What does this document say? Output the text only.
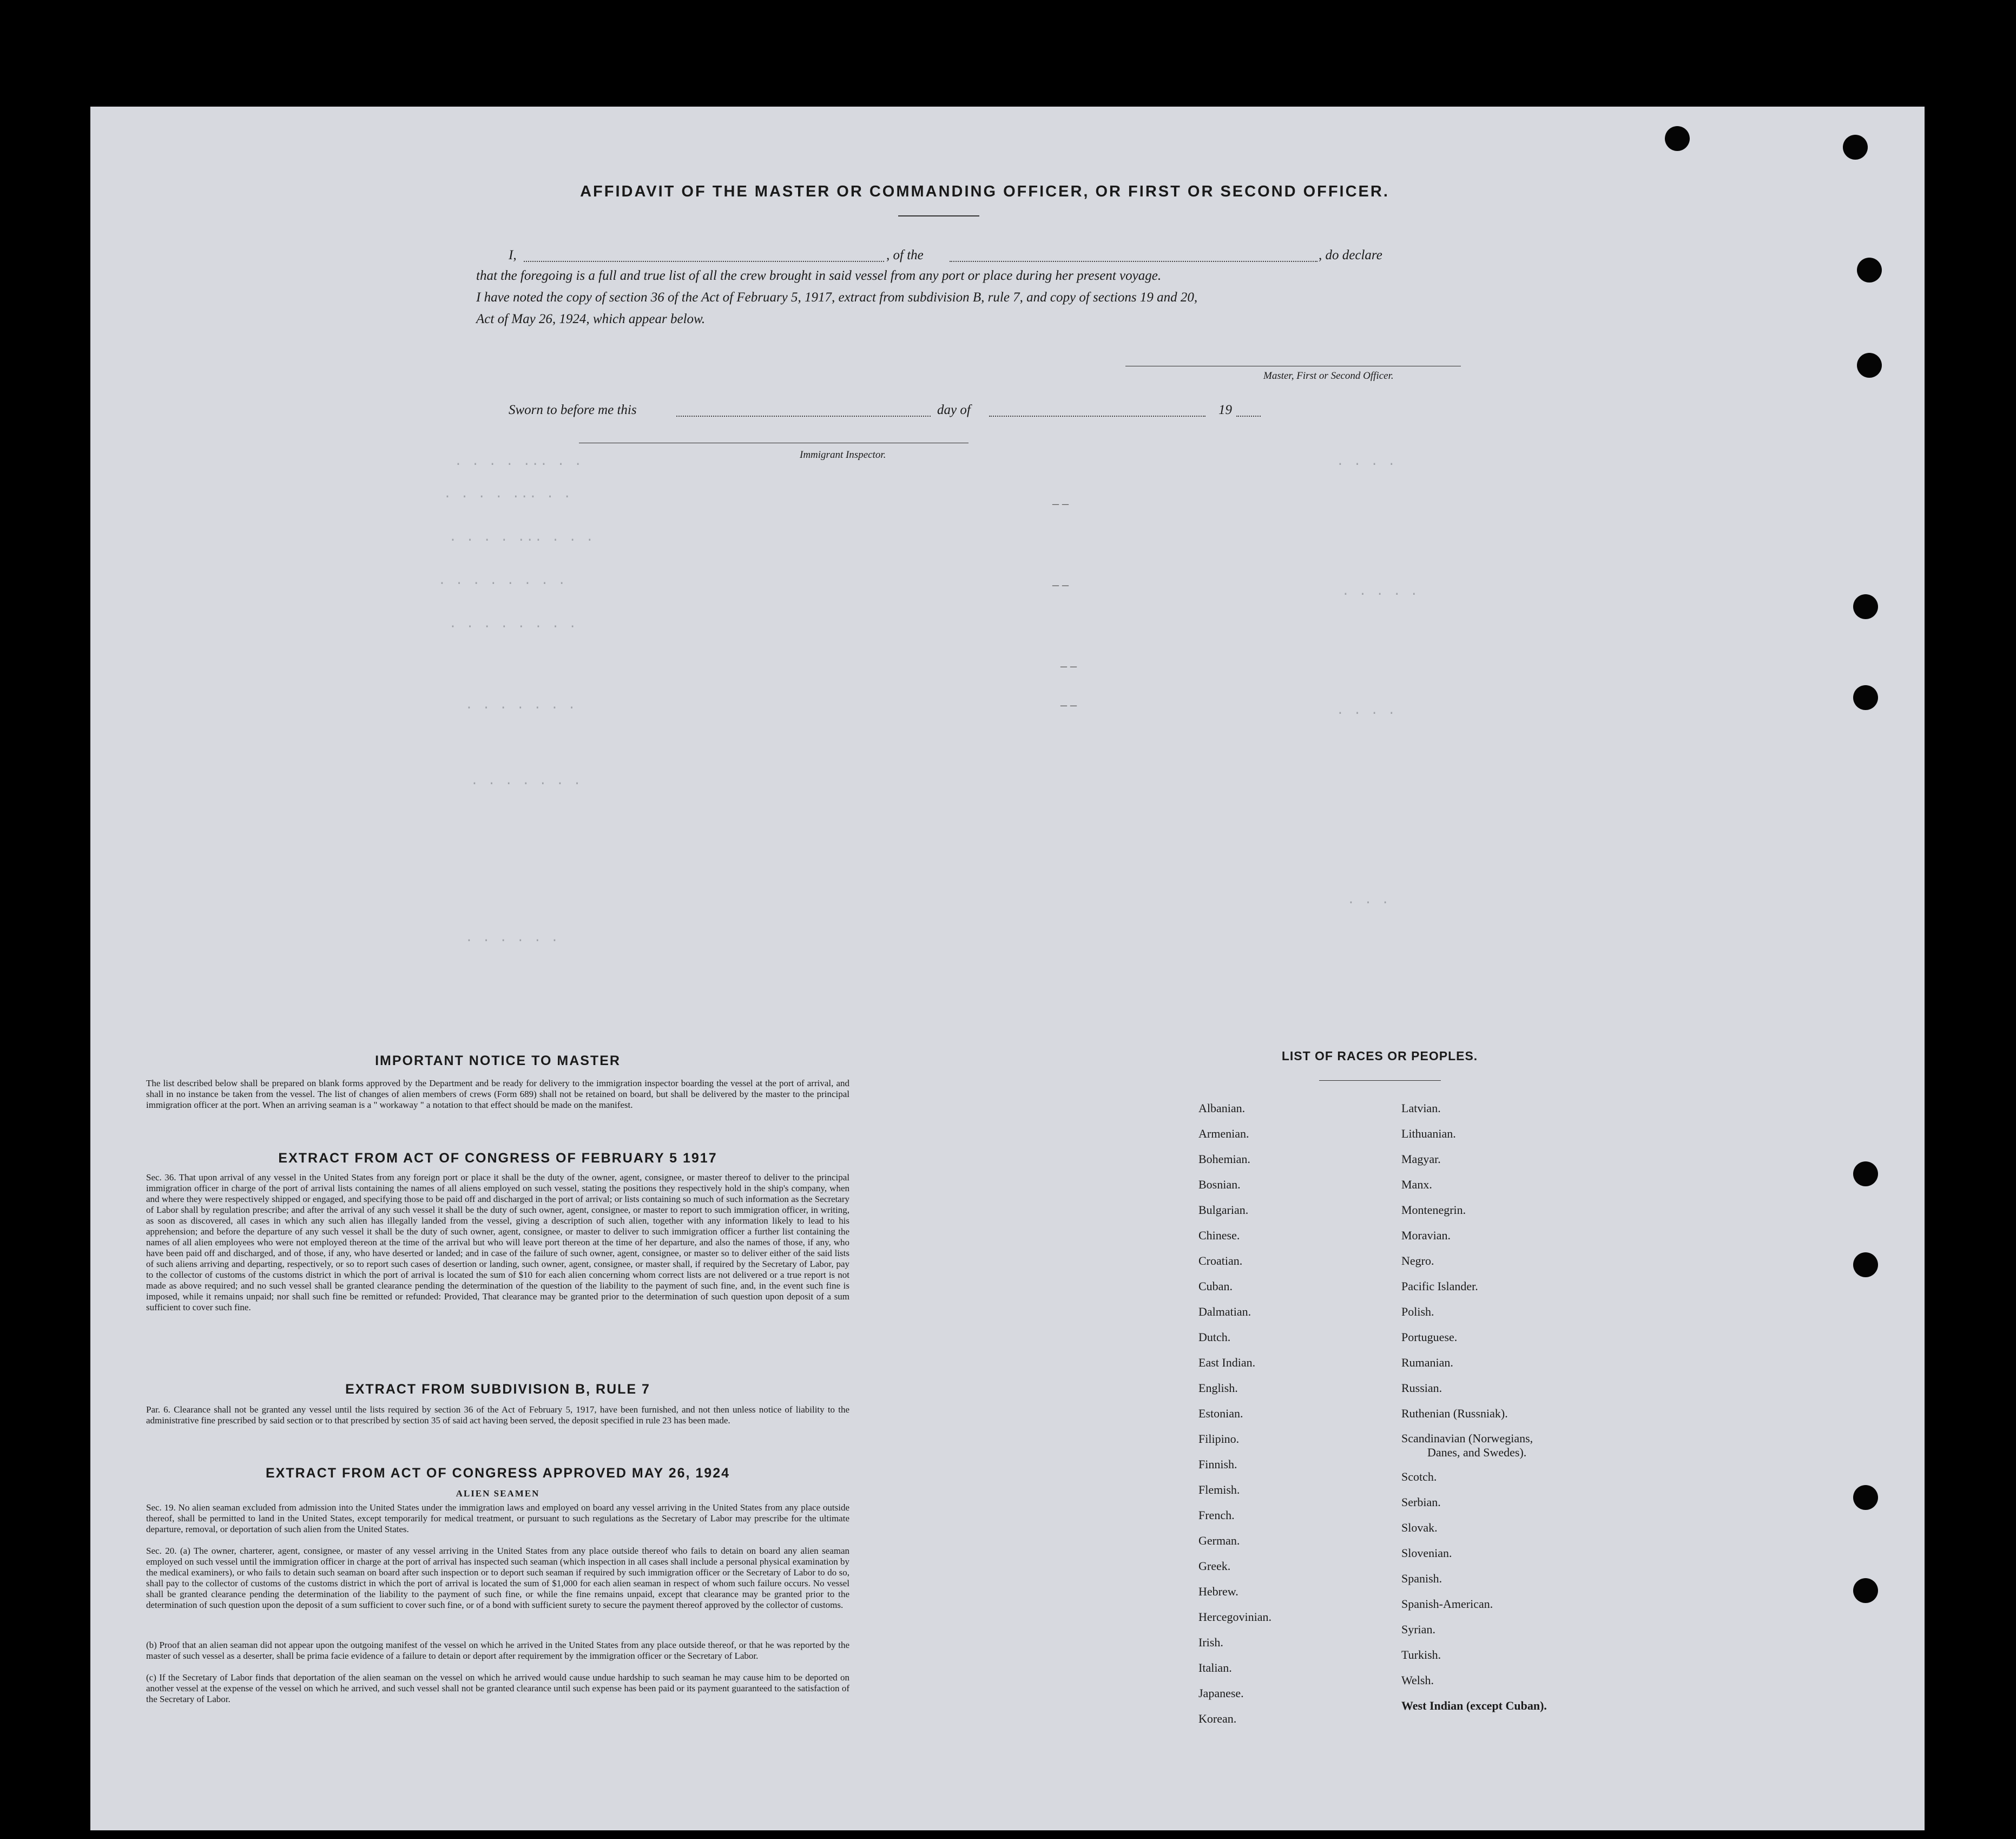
AFFIDAVIT OF THE MASTER OR COMMANDING OFFICER, OR FIRST OR SECOND OFFICER.
I,	, of the	, do declare
that the foregoing is a full and true list of all the crew brought in said vessel from any port or place during her present voyage.
I have noted the copy of section 36 of the Act of February 5, 1917, extract from subdivision B, rule 7, and copy of sections 19 and 20,
Act of May 26, 1924, which appear below.
Master, First or Second Officer.
Sworn to before me this	day of	19
Immigrant Inspector.
. . . . ... . .
. . . . ... . .
. . . . ... . . .
. . . . . . . .
. . . . . . . .
. . . . . . .
. . . . . . .
. . . . . .
. . . .
. . . . .
. . . .
. . .
– –
– –
– –
– –
IMPORTANT NOTICE TO MASTER

The list described below shall be prepared on blank forms approved by the Department and be ready for delivery to the immigration inspector boarding the vessel at the port of arrival, and shall in no instance be taken from the vessel. The list of changes of alien members of crews (Form 689) shall not be retained on board, but shall be delivered by the master to the principal immigration officer at the port. When an arriving seaman is a " workaway " a notation to that effect should be made on the manifest.

EXTRACT FROM ACT OF CONGRESS OF FEBRUARY 5 1917

Sec. 36. That upon arrival of any vessel in the United States from any foreign port or place it shall be the duty of the owner, agent, consignee, or master thereof to deliver to the principal immigration officer in charge of the port of arrival lists containing the names of all aliens employed on such vessel, stating the positions they respectively hold in the ship's company, when and where they were respectively shipped or engaged, and specifying those to be paid off and discharged in the port of arrival; or lists containing so much of such information as the Secretary of Labor shall by regulation prescribe; and after the arrival of any such vessel it shall be the duty of such owner, agent, consignee, or master to report to such immigration officer, in writing, as soon as discovered, all cases in which any such alien has illegally landed from the vessel, giving a description of such alien, together with any information likely to lead to his apprehension; and before the departure of any such vessel it shall be the duty of such owner, agent, consignee, or master to deliver to such immigration officer a further list containing the names of all alien employees who were not employed thereon at the time of the arrival but who will leave port thereon at the time of her departure, and also the names of those, if any, who have been paid off and discharged, and of those, if any, who have deserted or landed; and in case of the failure of such owner, agent, consignee, or master so to deliver either of the said lists of such aliens arriving and departing, respectively, or so to report such cases of desertion or landing, such owner, agent, consignee, or master shall, if required by the Secretary of Labor, pay to the collector of customs of the customs district in which the port of arrival is located the sum of $10 for each alien concerning whom correct lists are not delivered or a true report is not made as above required; and no such vessel shall be granted clearance pending the determination of the question of the liability to the payment of such fine, and, in the event such fine is imposed, while it remains unpaid; nor shall such fine be remitted or refunded: Provided, That clearance may be granted prior to the determination of such question upon deposit of a sum sufficient to cover such fine.

EXTRACT FROM SUBDIVISION B, RULE 7

Par. 6. Clearance shall not be granted any vessel until the lists required by section 36 of the Act of February 5, 1917, have been furnished, and not then unless notice of liability to the administrative fine prescribed by said section or to that prescribed by section 35 of said act having been served, the deposit specified in rule 23 has been made.

EXTRACT FROM ACT OF CONGRESS APPROVED MAY 26, 1924
ALIEN SEAMEN

Sec. 19. No alien seaman excluded from admission into the United States under the immigration laws and employed on board any vessel arriving in the United States from any place outside thereof, shall be permitted to land in the United States, except temporarily for medical treatment, or pursuant to such regulations as the Secretary of Labor may prescribe for the ultimate departure, removal, or deportation of such alien from the United States.

Sec. 20. (a) The owner, charterer, agent, consignee, or master of any vessel arriving in the United States from any place outside thereof who fails to detain on board any alien seaman employed on such vessel until the immigration officer in charge at the port of arrival has inspected such seaman (which inspection in all cases shall include a personal physical examination by the medical examiners), or who fails to detain such seaman on board after such inspection or to deport such seaman if required by such immigration officer or the Secretary of Labor to do so, shall pay to the collector of customs of the customs district in which the port of arrival is located the sum of $1,000 for each alien seaman in respect of whom such failure occurs. No vessel shall be granted clearance pending the determination of the liability to the payment of such fine, or while the fine remains unpaid, except that clearance may be granted prior to the determination of such question upon the deposit of a sum sufficient to cover such fine, or of a bond with sufficient surety to secure the payment thereof approved by the collector of customs.

(b) Proof that an alien seaman did not appear upon the outgoing manifest of the vessel on which he arrived in the United States from any place outside thereof, or that he was reported by the master of such vessel as a deserter, shall be prima facie evidence of a failure to detain or deport after requirement by the immigration officer or the Secretary of Labor.

(c) If the Secretary of Labor finds that deportation of the alien seaman on the vessel on which he arrived would cause undue hardship to such seaman he may cause him to be deported on another vessel at the expense of the vessel on which he arrived, and such vessel shall not be granted clearance until such expense has been paid or its payment guaranteed to the satisfaction of the Secretary of Labor.

LIST OF RACES OR PEOPLES.
Albanian.
Armenian.
Bohemian.
Bosnian.
Bulgarian.
Chinese.
Croatian.
Cuban.
Dalmatian.
Dutch.
East Indian.
English.
Estonian.
Filipino.
Finnish.
Flemish.
French.
German.
Greek.
Hebrew.
Hercegovinian.
Irish.
Italian.
Japanese.
Korean.
Latvian.
Lithuanian.
Magyar.
Manx.
Montenegrin.
Moravian.
Negro.
Pacific Islander.
Polish.
Portuguese.
Rumanian.
Russian.
Ruthenian (Russniak).
Scandinavian (Norwegians,
Danes, and Swedes).
Scotch.
Serbian.
Slovak.
Slovenian.
Spanish.
Spanish-American.
Syrian.
Turkish.
Welsh.
West Indian (except Cuban).
